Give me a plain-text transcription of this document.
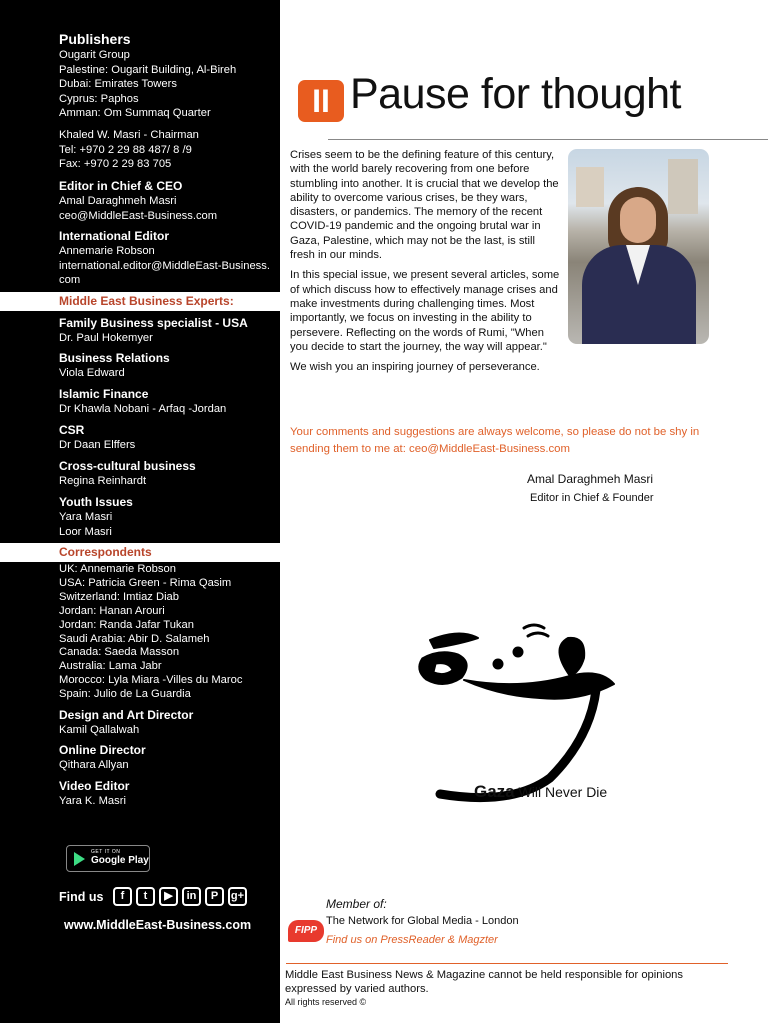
Publishers
Ougarit Group
Palestine: Ougarit Building, Al-Bireh
Dubai: Emirates Towers
Cyprus: Paphos
Amman: Om Summaq Quarter
Khaled W. Masri - Chairman
Tel: +970 2 29 88 487/ 8 /9
Fax: +970 2 29 83 705
Editor in Chief & CEO
Amal Daraghmeh Masri
ceo@MiddleEast-Business.com
International Editor
Annemarie Robson
international.editor@MiddleEast-Business.com
Middle East Business Experts:
Family Business specialist - USA
Dr. Paul Hokemyer
Business Relations
Viola Edward
Islamic Finance
Dr Khawla Nobani - Arfaq -Jordan
CSR
Dr Daan Elffers
Cross-cultural business
Regina Reinhardt
Youth Issues
Yara Masri
Loor Masri
Correspondents
UK: Annemarie Robson
USA: Patricia Green - Rima Qasim
Switzerland: Imtiaz Diab
Jordan: Hanan Arouri
Jordan: Randa Jafar Tukan
Saudi Arabia: Abir D. Salameh
Canada: Saeda Masson
Australia: Lama Jabr
Morocco: Lyla Miara -Villes du Maroc
Spain: Julio de La Guardia
Design and Art Director
Kamil Qallalwah
Online Director
Qithara Allyan
Video Editor
Yara K. Masri
GET IT ON
Google Play
Find us	f	t	▶	in	P	g+
www.MiddleEast-Business.com
II Pause for thought

Crises seem to be the defining feature of this century, with the world barely recovering from one before stumbling into another. It is crucial that we develop the ability to overcome various crises, be they wars, disasters, or pandemics. The memory of the recent COVID-19 pandemic and the ongoing brutal war in Gaza, Palestine, which may not be the last, is still fresh in our minds.

In this special issue, we present several articles, some of which discuss how to effectively manage crises and make investments during challenging times. Most importantly, we focus on investing in the ability to persevere. Reflecting on the words of Rumi, "When you decide to start the journey, the way will appear."

We wish you an inspiring journey of perseverance.

Your comments and suggestions are always welcome, so please do not be shy in sending them to me at: ceo@MiddleEast-Business.com
Amal Daraghmeh Masri
Editor in Chief & Founder
Gaza Will Never Die
Member of:
FIPP
The Network for Global Media - London
Find us on PressReader & Magzter
Middle East Business News & Magazine cannot be held responsible for opinions expressed by varied authors.
All rights reserved ©
